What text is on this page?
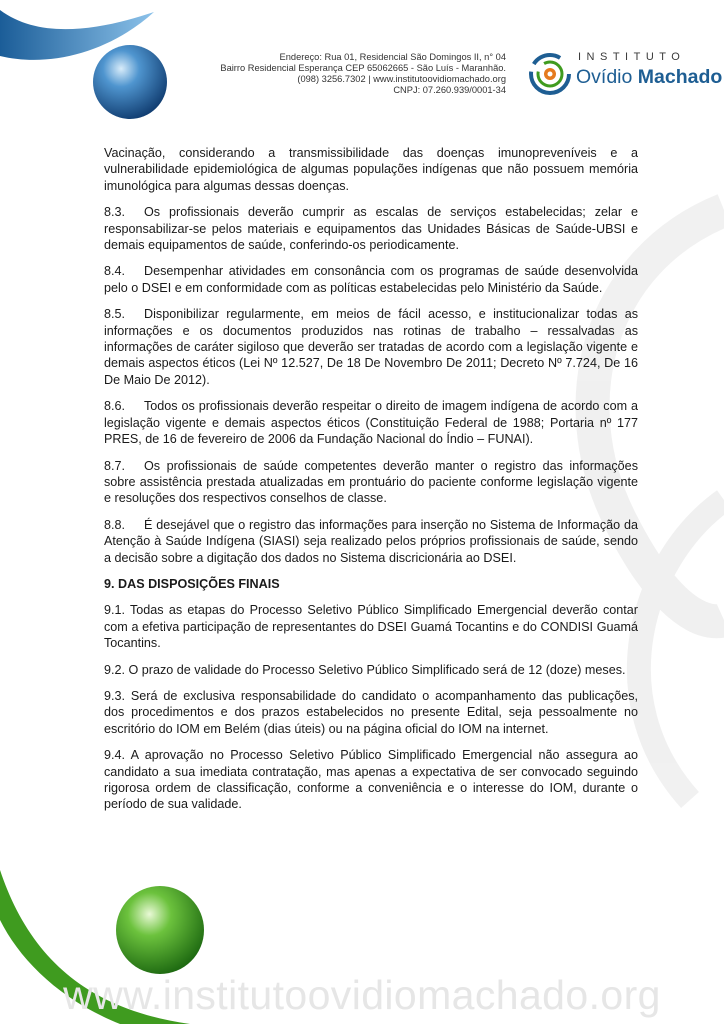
Endereço: Rua 01, Residencial São Domingos II, n° 04
Bairro Residencial Esperança CEP 65062665 - São Luís - Maranhão.
(098) 3256.7302 | www.institutoovidiomachado.org
CNPJ: 07.260.939/0001-34
INSTITUTO
Ovídio Machado

Vacinação, considerando a transmissibilidade das doenças imunopreveníveis e a vulnerabilidade epidemiológica de algumas populações indígenas que não possuem memória imunológica para algumas dessas doenças.

8.3. Os profissionais deverão cumprir as escalas de serviços estabelecidas; zelar e responsabilizar-se pelos materiais e equipamentos das Unidades Básicas de Saúde-UBSI e demais equipamentos de saúde, conferindo-os periodicamente.

8.4. Desempenhar atividades em consonância com os programas de saúde desenvolvida pelo o DSEI e em conformidade com as políticas estabelecidas pelo Ministério da Saúde.

8.5. Disponibilizar regularmente, em meios de fácil acesso, e institucionalizar todas as informações e os documentos produzidos nas rotinas de trabalho – ressalvadas as informações de caráter sigiloso que deverão ser tratadas de acordo com a legislação vigente e demais aspectos éticos (Lei Nº 12.527, De 18 De Novembro De 2011; Decreto Nº 7.724, De 16 De Maio De 2012).

8.6. Todos os profissionais deverão respeitar o direito de imagem indígena de acordo com a legislação vigente e demais aspectos éticos (Constituição Federal de 1988; Portaria nº 177 PRES, de 16 de fevereiro de 2006 da Fundação Nacional do Índio – FUNAI).

8.7. Os profissionais de saúde competentes deverão manter o registro das informações sobre assistência prestada atualizadas em prontuário do paciente conforme legislação vigente e resoluções dos respectivos conselhos de classe.

8.8. É desejável que o registro das informações para inserção no Sistema de Informação da Atenção à Saúde Indígena (SIASI) seja realizado pelos próprios profissionais de saúde, sendo a decisão sobre a digitação dos dados no Sistema discricionária ao DSEI.

9. DAS DISPOSIÇÕES FINAIS

9.1. Todas as etapas do Processo Seletivo Público Simplificado Emergencial deverão contar com a efetiva participação de representantes do DSEI Guamá Tocantins e do CONDISI Guamá Tocantins.

9.2. O prazo de validade do Processo Seletivo Público Simplificado será de 12 (doze) meses.

9.3. Será de exclusiva responsabilidade do candidato o acompanhamento das publicações, dos procedimentos e dos prazos estabelecidos no presente Edital, seja pessoalmente no escritório do IOM em Belém (dias úteis) ou na página oficial do IOM na internet.

9.4. A aprovação no Processo Seletivo Público Simplificado Emergencial não assegura ao candidato a sua imediata contratação, mas apenas a expectativa de ser convocado seguindo rigorosa ordem de classificação, conforme a conveniência e o interesse do IOM, durante o período de sua validade.

www.institutoovidiomachado.org
